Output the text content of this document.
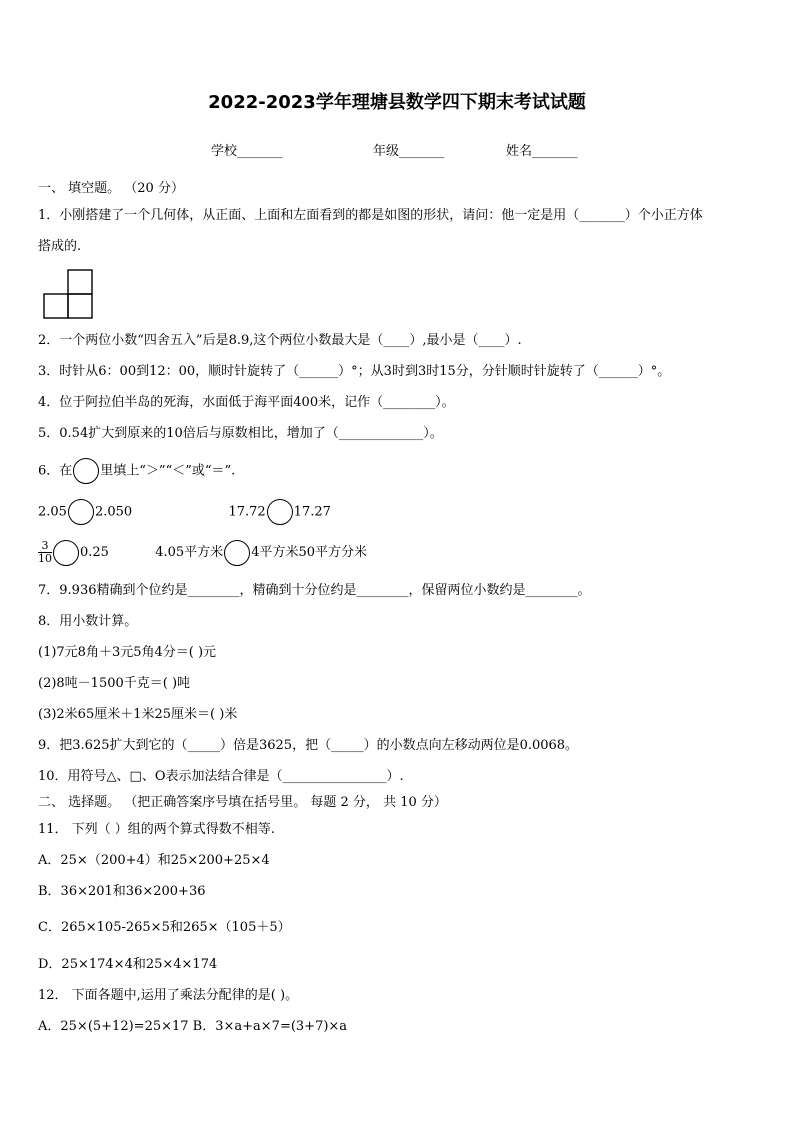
2022-2023学年理塘县数学四下期末考试试题
学校_______	年级_______	姓名_______
一、 填空题。 （20 分）
1．小刚搭建了一个几何体，从正面、上面和左面看到的都是如图的形状，请问：他一定是用（_______）个小正方体
搭成的.
2．一个两位小数“四舍五入”后是8.9,这个两位小数最大是（____）,最小是（____）.
3．时针从6：00到12：00，顺时针旋转了（______）°；从3时到3时15分，分针顺时针旋转了（______）°。
4．位于阿拉伯半岛的死海，水面低于海平面400米，记作（________）。
5．0.54扩大到原来的10倍后与原数相比，增加了（_____________）。
6．在 里填上“＞”“＜”或“＝”.
2.05 2.050	17.72 17.27
$\frac{3}{10} 0.25$	4.05平方米 4平方米50平方分米
7．9.936精确到个位约是________，精确到十分位约是________，保留两位小数约是________。
8．用小数计算。
(1)7元8角＋3元5角4分＝( )元
(2)8吨－1500千克＝( )吨
(3)2米65厘米＋1米25厘米＝( )米
9．把3.625扩大到它的（_____）倍是3625，把（_____）的小数点向左移动两位是0.0068。
10．用符号△、□、O表示加法结合律是（________________）.
二、 选择题。 （把正确答案序号填在括号里。 每题 2 分， 共 10 分）
11． 下列（ ）组的两个算式得数不相等.
A．25×（200+4）和25×200+25×4
B．36×201和36×200+36
C．265×105-265×5和265×（105＋5）
D．25×174×4和25×4×174
12． 下面各题中,运用了乘法分配律的是( )。
A．25×(5+12)=25×17 B．3×a+a×7=(3+7)×a
